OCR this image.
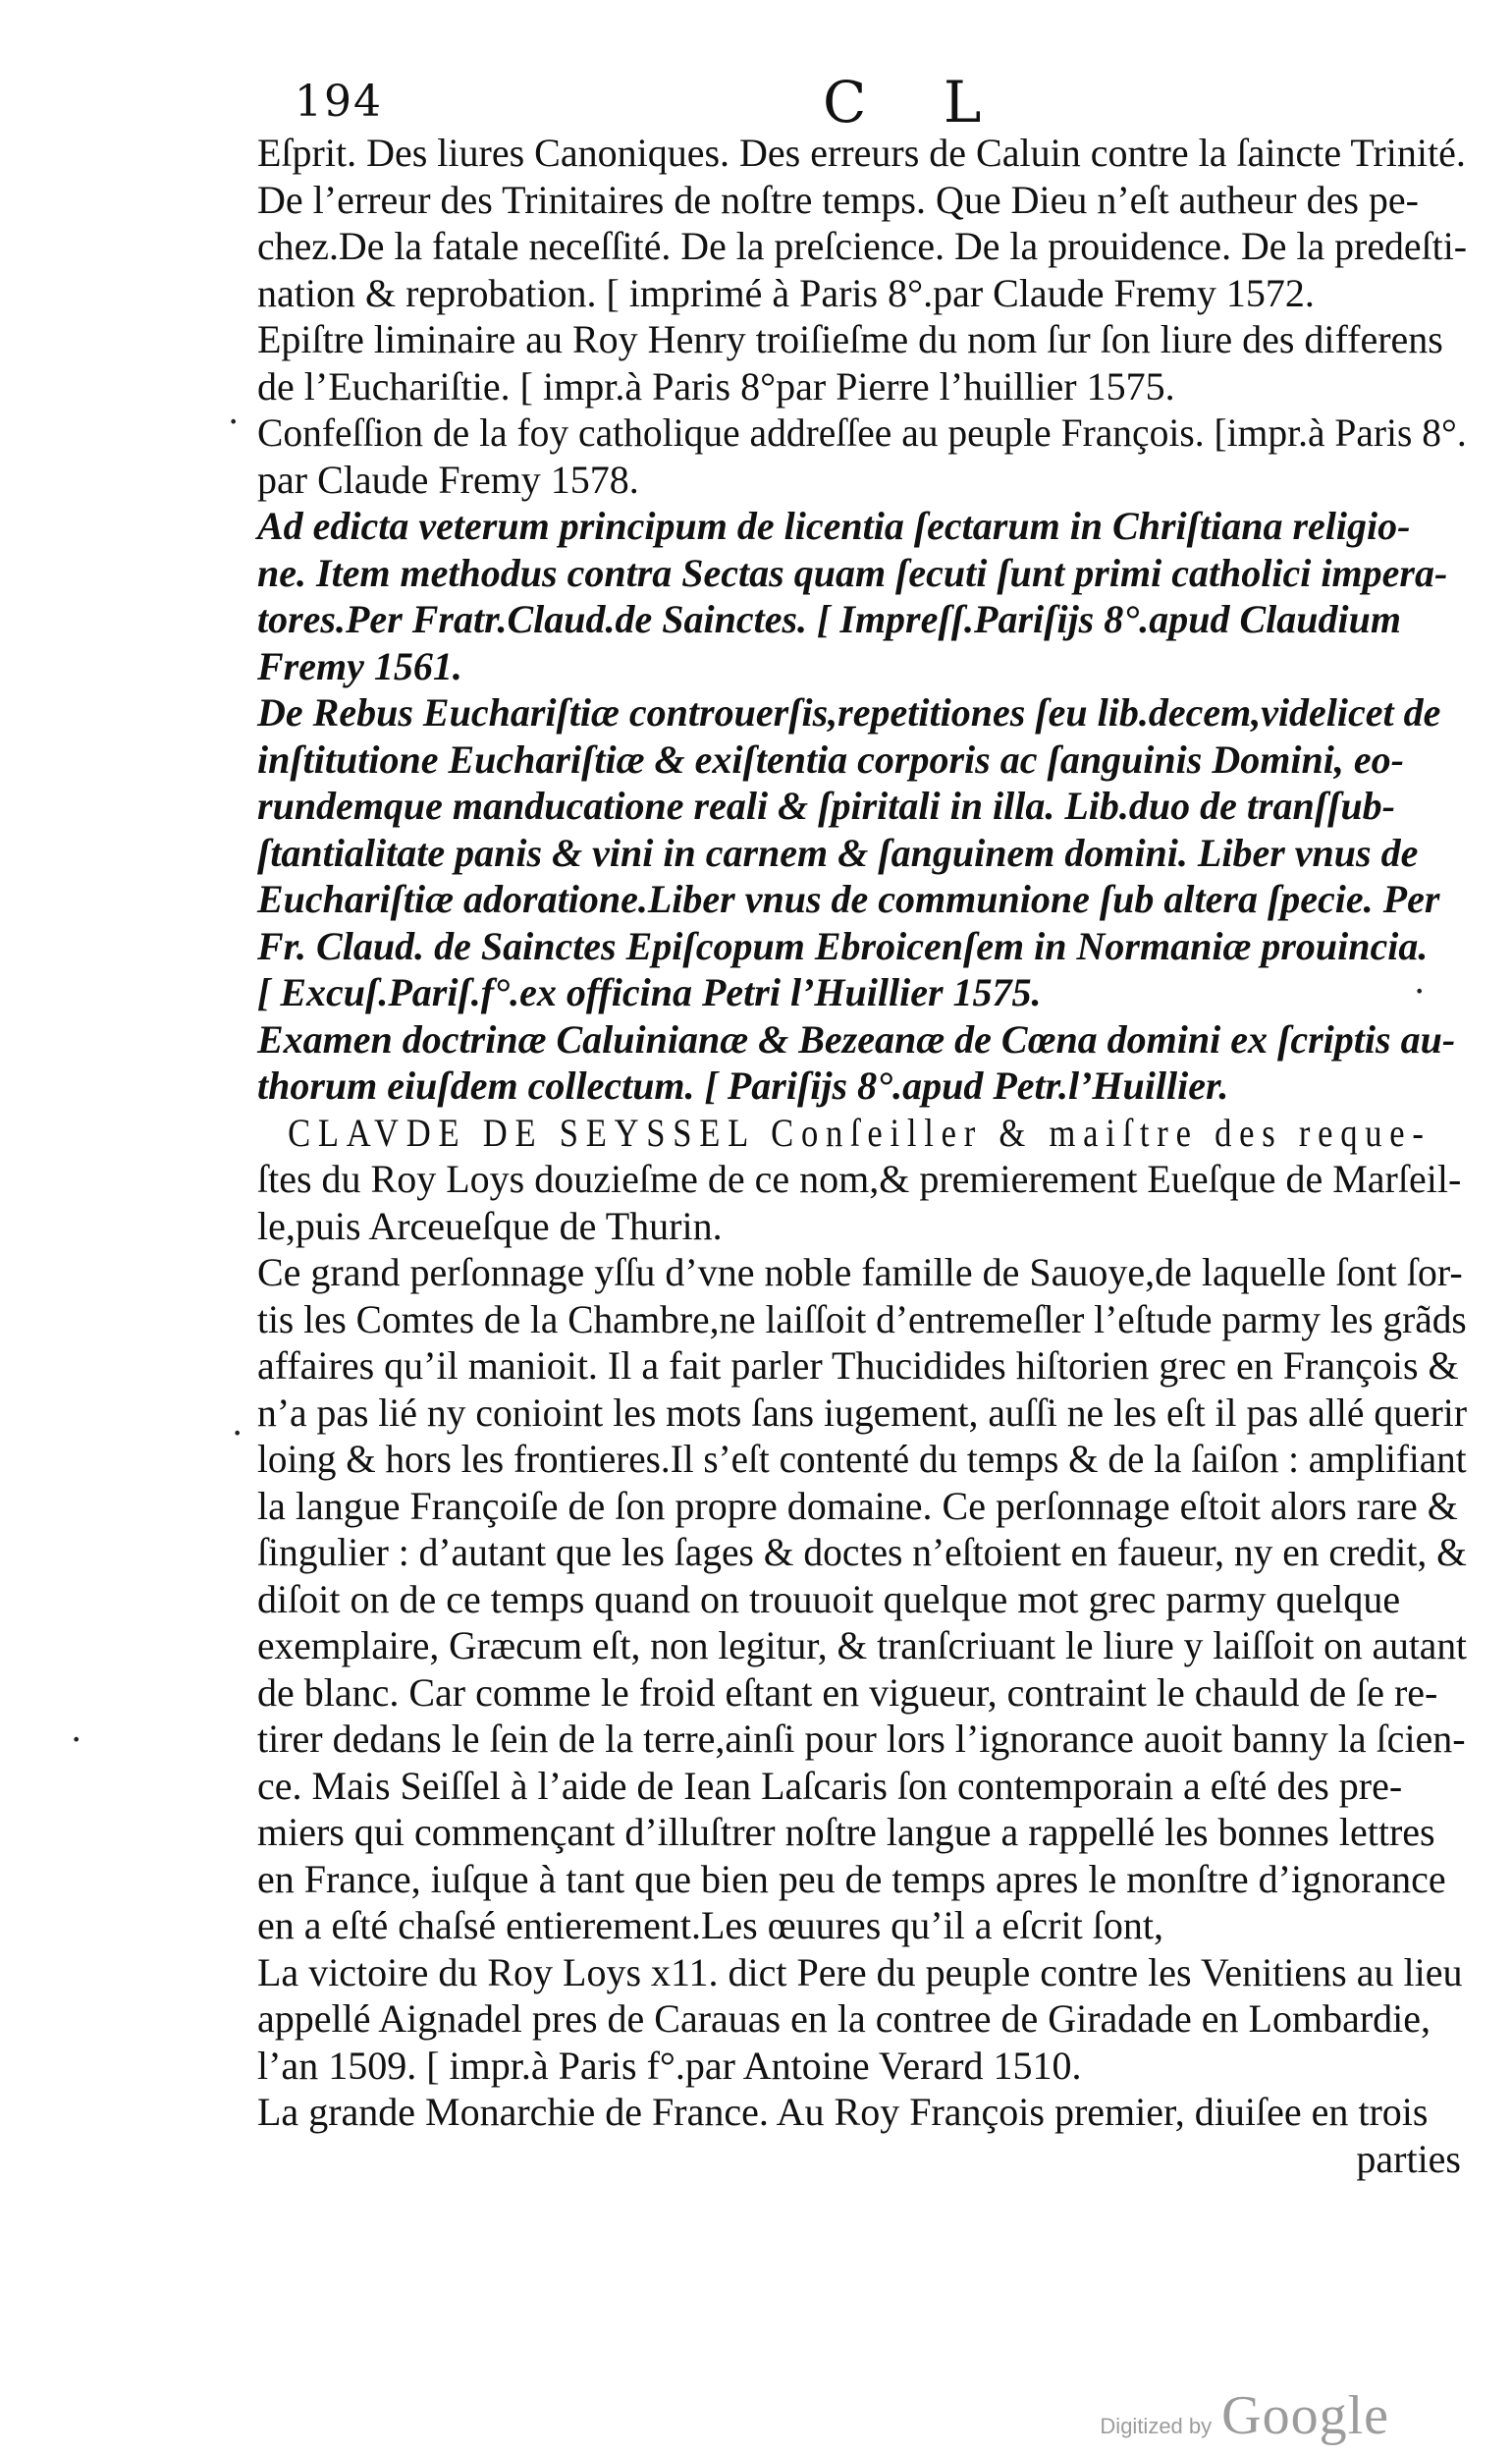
194	C L
Eſprit. Des liures Canoniques. Des erreurs de Caluin contre la ſaincte Trinité.
De l’erreur des Trinitaires de noſtre temps. Que Dieu n’eſt autheur des pe-
chez.De la fatale neceſſité. De la preſcience. De la prouidence. De la predeſti-
nation & reprobation. [ imprimé à Paris 8°.par Claude Fremy 1572.
Epiſtre liminaire au Roy Henry troiſieſme du nom ſur ſon liure des differens
de l’Euchariſtie. [ impr.à Paris 8°par Pierre l’huillier 1575.
Confeſſion de la foy catholique addreſſee au peuple François. [impr.à Paris 8°.
par Claude Fremy 1578.
Ad edicta veterum principum de licentia ſectarum in Chriſtiana religio-
ne. Item methodus contra Sectas quam ſecuti ſunt primi catholici impera-
tores.Per Fratr.Claud.de Sainctes. [ Impreſſ.Pariſijs 8°.apud Claudium
Fremy 1561.
De Rebus Euchariſtiæ controuerſis,repetitiones ſeu lib.decem,videlicet de
inſtitutione Euchariſtiæ & exiſtentia corporis ac ſanguinis Domini, eo-
rundemque manducatione reali & ſpiritali in illa. Lib.duo de tranſſub-
ſtantialitate panis & vini in carnem & ſanguinem domini. Liber vnus de
Euchariſtiæ adoratione.Liber vnus de communione ſub altera ſpecie. Per
Fr. Claud. de Sainctes Epiſcopum Ebroicenſem in Normaniæ prouincia.
[ Excuſ.Pariſ.f°.ex officina Petri l’Huillier 1575.
Examen doctrinæ Caluinianæ & Bezeanæ de Cœna domini ex ſcriptis au-
thorum eiuſdem collectum. [ Pariſijs 8°.apud Petr.l’Huillier.
CLAVDE DE SEYSSEL Conſeiller & maiſtre des reque-
ſtes du Roy Loys douzieſme de ce nom,& premierement Eueſque de Marſeil-
le,puis Arceueſque de Thurin.
Ce grand perſonnage yſſu d’vne noble famille de Sauoye,de laquelle ſont ſor-
tis les Comtes de la Chambre,ne laiſſoit d’entremeſler l’eſtude parmy les grãds
affaires qu’il manioit. Il a fait parler Thucidides hiſtorien grec en François &
n’a pas lié ny conioint les mots ſans iugement, auſſi ne les eſt il pas allé querir
loing & hors les frontieres.Il s’eſt contenté du temps & de la ſaiſon : amplifiant
la langue Françoiſe de ſon propre domaine. Ce perſonnage eſtoit alors rare &
ſingulier : d’autant que les ſages & doctes n’eſtoient en faueur, ny en credit, &
diſoit on de ce temps quand on trouuoit quelque mot grec parmy quelque
exemplaire, Græcum eſt, non legitur, & tranſcriuant le liure y laiſſoit on autant
de blanc. Car comme le froid eſtant en vigueur, contraint le chauld de ſe re-
tirer dedans le ſein de la terre,ainſi pour lors l’ignorance auoit banny la ſcien-
ce. Mais Seiſſel à l’aide de Iean Laſcaris ſon contemporain a eſté des pre-
miers qui commençant d’illuſtrer noſtre langue a rappellé les bonnes lettres
en France, iuſque à tant que bien peu de temps apres le monſtre d’ignorance
en a eſté chaſsé entierement.Les œuures qu’il a eſcrit ſont,
La victoire du Roy Loys x11. dict Pere du peuple contre les Venitiens au lieu
appellé Aignadel pres de Carauas en la contree de Giradade en Lombardie,
l’an 1509. [ impr.à Paris f°.par Antoine Verard 1510.
La grande Monarchie de France. Au Roy François premier, diuiſee en trois
parties
·
·
·
·
Digitized by Google
